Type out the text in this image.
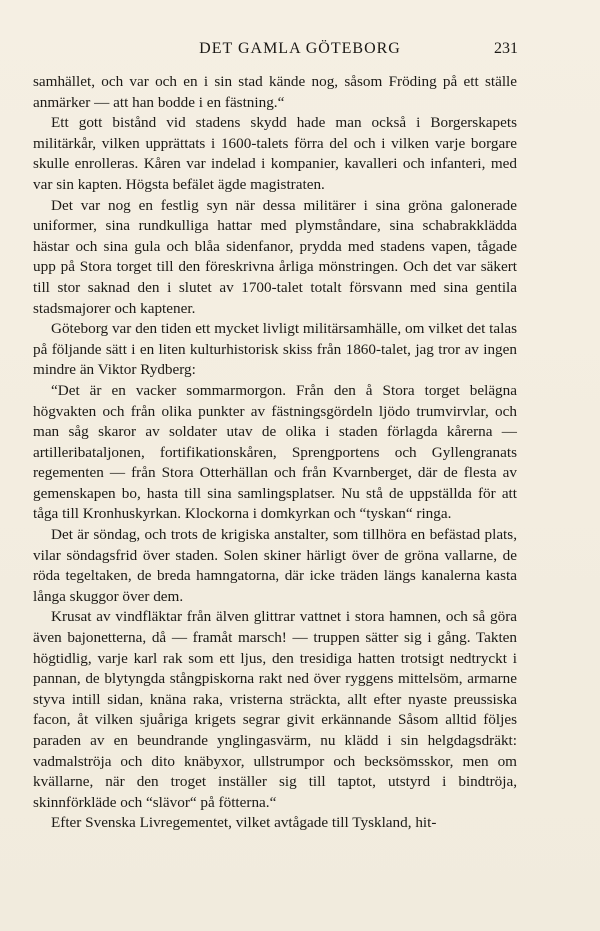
DET GAMLA GÖTEBORG	231

samhället, och var och en i sin stad kände nog, såsom Fröding på ett ställe anmärker — att han bodde i en fästning.“

Ett gott bistånd vid stadens skydd hade man också i Borgerskapets militärkår, vilken upprättats i 1600-talets förra del och i vilken varje borgare skulle enrolleras. Kåren var indelad i kompanier, kavalleri och infanteri, med var sin kapten. Högsta befälet ägde magistraten.

Det var nog en festlig syn när dessa militärer i sina gröna galonerade uniformer, sina rundkulliga hattar med plymståndare, sina schabrakklädda hästar och sina gula och blåa sidenfanor, prydda med stadens vapen, tågade upp på Stora torget till den föreskrivna årliga mönstringen. Och det var säkert till stor saknad den i slutet av 1700-talet totalt försvann med sina gentila stadsmajorer och kaptener.

Göteborg var den tiden ett mycket livligt militärsamhälle, om vilket det talas på följande sätt i en liten kulturhistorisk skiss från 1860-talet, jag tror av ingen mindre än Viktor Rydberg:

“Det är en vacker sommarmorgon. Från den å Stora torget belägna högvakten och från olika punkter av fästningsgördeln ljödo trumvirvlar, och man såg skaror av soldater utav de olika i staden förlagda kårerna — artilleribataljonen, fortifikationskåren, Sprengportens och Gyllengranats regementen — från Stora Otterhällan och från Kvarnberget, där de flesta av gemenskapen bo, hasta till sina samlingsplatser. Nu stå de uppställda för att tåga till Kronhuskyrkan. Klockorna i domkyrkan och “tyskan“ ringa.

Det är söndag, och trots de krigiska anstalter, som tillhöra en befästad plats, vilar söndagsfrid över staden. Solen skiner härligt över de gröna vallarne, de röda tegeltaken, de breda hamngatorna, där icke träden längs kanalerna kasta långa skuggor över dem.

Krusat av vindfläktar från älven glittrar vattnet i stora hamnen, och så göra även bajonetterna, då — framåt marsch! — truppen sätter sig i gång. Takten högtidlig, varje karl rak som ett ljus, den tresidiga hatten trotsigt nedtryckt i pannan, de blytyngda stångpiskorna rakt ned över ryggens mittelsöm, armarne styva intill sidan, knäna raka, vristerna sträckta, allt efter nyaste preussiska facon, åt vilken sjuåriga krigets segrar givit erkännande Såsom alltid följes paraden av en beundrande ynglingasvärm, nu klädd i sin helgdagsdräkt: vadmalströja och dito knäbyxor, ullstrumpor och becksömsskor, men om kvällarne, när den troget inställer sig till taptot, utstyrd i bindtröja, skinnförkläde och “slävor“ på fötterna.“

Efter Svenska Livregementet, vilket avtågade till Tyskland, hit-
